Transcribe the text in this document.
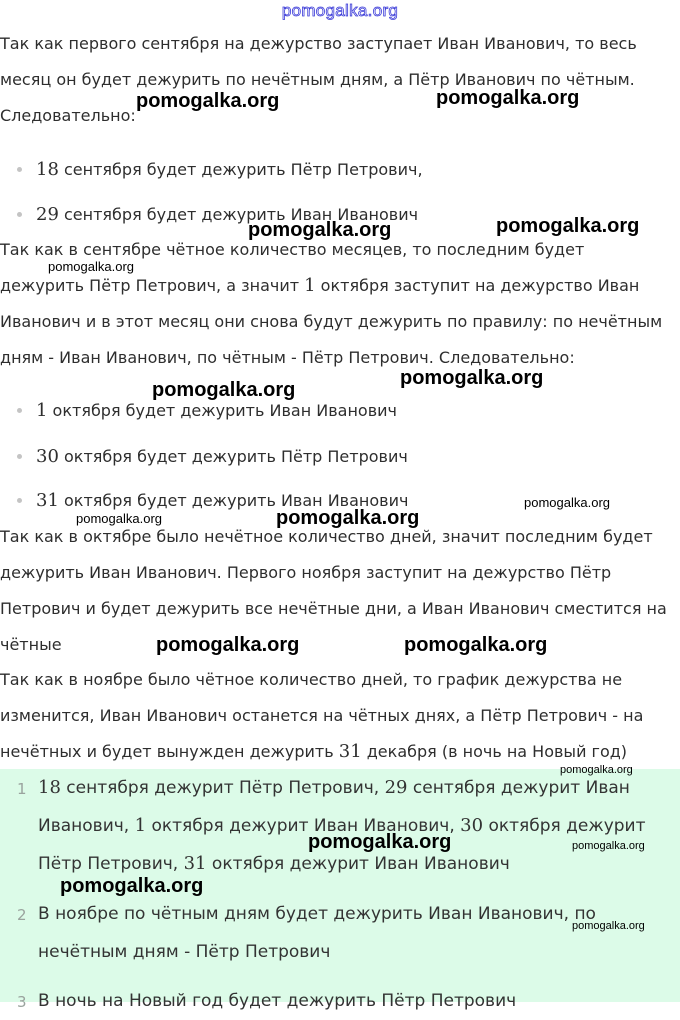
pomogalka.org

Так как первого сентября на дежурство заступает Иван Иванович, то весь месяц он будет дежурить по нечётным дням, а Пётр Иванович по чётным. Следовательно:

18 сентября будет дежурить Пётр Петрович,
29 сентября будет дежурить Иван Иванович

Так как в сентябре чётное количество месяцев, то последним будет дежурить Пётр Петрович, а значит 1 октября заступит на дежурство Иван Иванович и в этот месяц они снова будут дежурить по правилу: по нечётным дням - Иван Иванович, по чётным - Пётр Петрович. Следовательно:

1 октября будет дежурить Иван Иванович
30 октября будет дежурить Пётр Петрович
31 октября будет дежурить Иван Иванович

Так как в октябре было нечётное количество дней, значит последним будет дежурить Иван Иванович. Первого ноября заступит на дежурство Пётр Петрович и будет дежурить все нечётные дни, а Иван Иванович сместится на чётные

Так как в ноябре было чётное количество дней, то график дежурства не изменится, Иван Иванович останется на чётных днях, а Пётр Петрович - на нечётных и будет вынужден дежурить 31 декабря (в ночь на Новый год)

1 18 сентября дежурит Пётр Петрович, 29 сентября дежурит Иван Иванович, 1 октября дежурит Иван Иванович, 30 октября дежурит Пётр Петрович, 31 октября дежурит Иван Иванович

2 В ноябре по чётным дням будет дежурить Иван Иванович, по нечётным дням - Пётр Петрович

3 В ночь на Новый год будет дежурить Пётр Петрович

pomogalka.org	pomogalka.org
pomogalka.org
pomogalka.org
pomogalka.org
pomogalka.org
pomogalka.org
pomogalka.org
pomogalka.org	pomogalka.org
pomogalka.org	pomogalka.org
pomogalka.org
pomogalka.org	pomogalka.org
pomogalka.org
pomogalka.org
